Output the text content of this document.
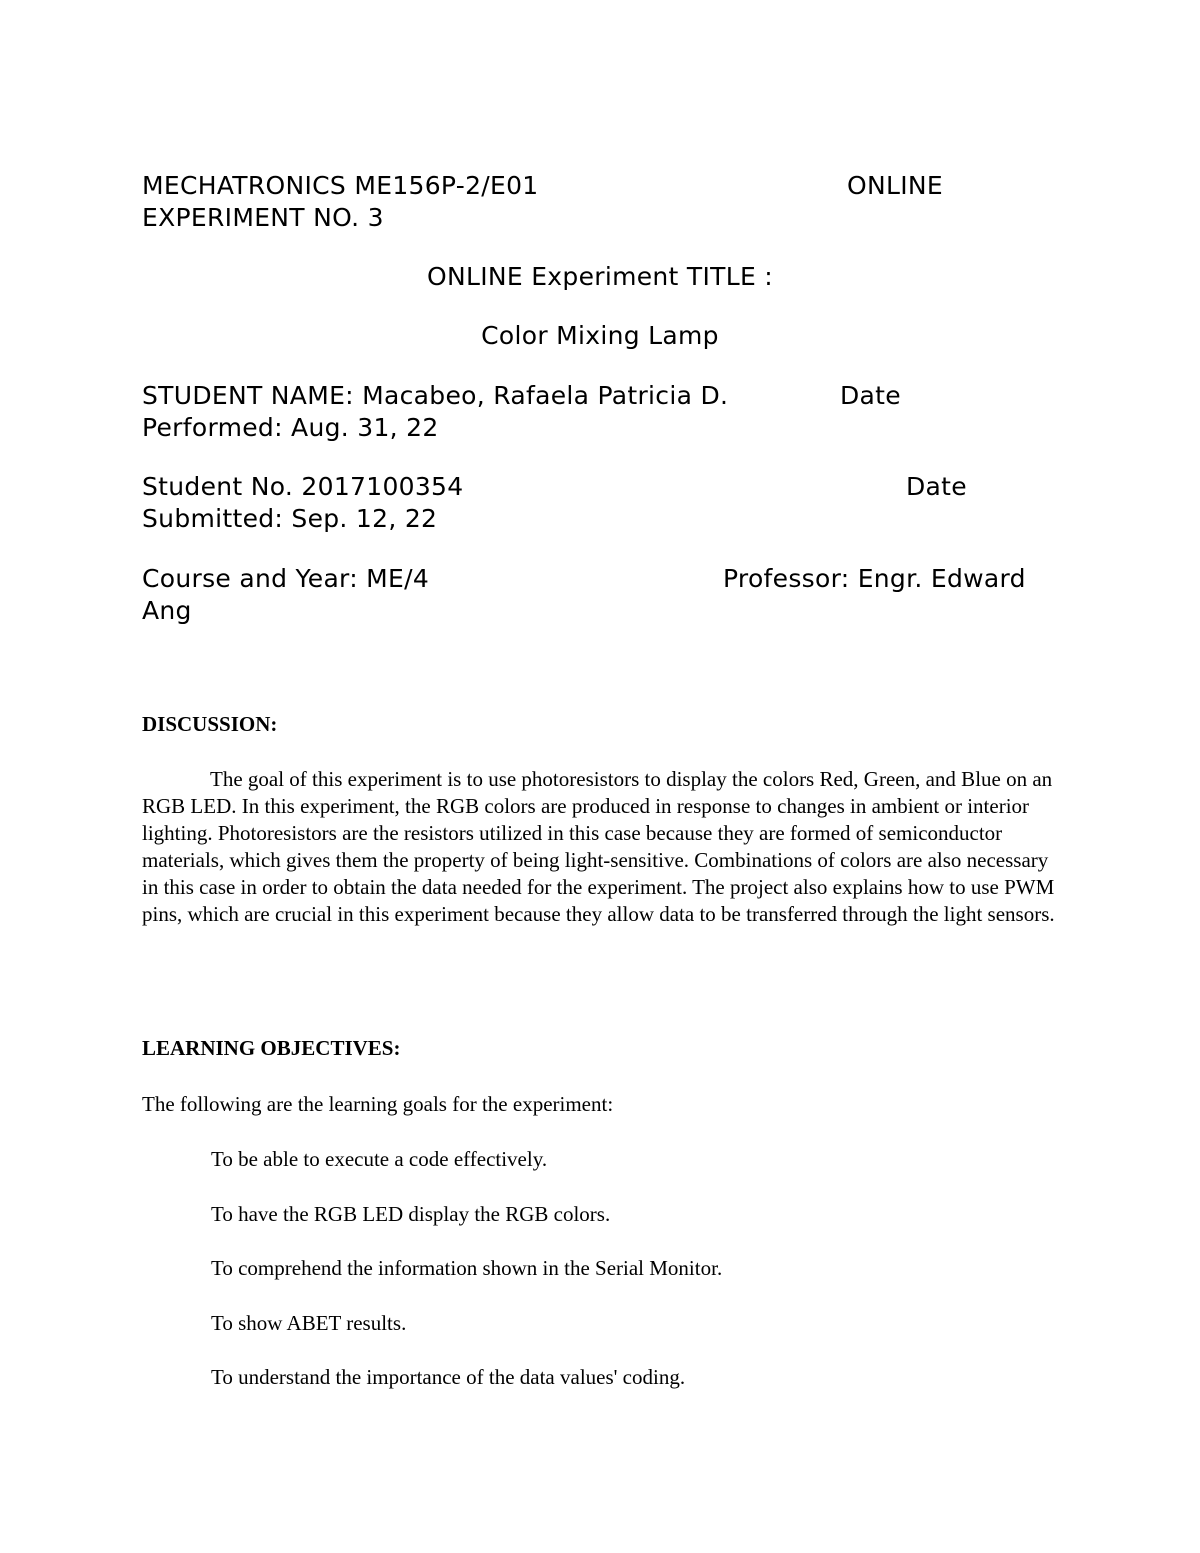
MECHATRONICS ME156P-2/E01	ONLINE
EXPERIMENT NO. 3
ONLINE Experiment TITLE :
Color Mixing Lamp
STUDENT NAME: Macabeo, Rafaela Patricia D.	Date
Performed: Aug. 31, 22
Student No. 2017100354	Date
Submitted: Sep. 12, 22
Course and Year: ME/4	Professor: Engr. Edward
Ang
DISCUSSION:

The goal of this experiment is to use photoresistors to display the colors Red, Green, and Blue on an RGB LED. In this experiment, the RGB colors are produced in response to changes in ambient or interior lighting. Photoresistors are the resistors utilized in this case because they are formed of semiconductor materials, which gives them the property of being light-sensitive. Combinations of colors are also necessary in this case in order to obtain the data needed for the experiment. The project also explains how to use PWM pins, which are crucial in this experiment because they allow data to be transferred through the light sensors.

LEARNING OBJECTIVES:
The following are the learning goals for the experiment:
To be able to execute a code effectively.
To have the RGB LED display the RGB colors.
To comprehend the information shown in the Serial Monitor.
To show ABET results.
To understand the importance of the data values' coding.
